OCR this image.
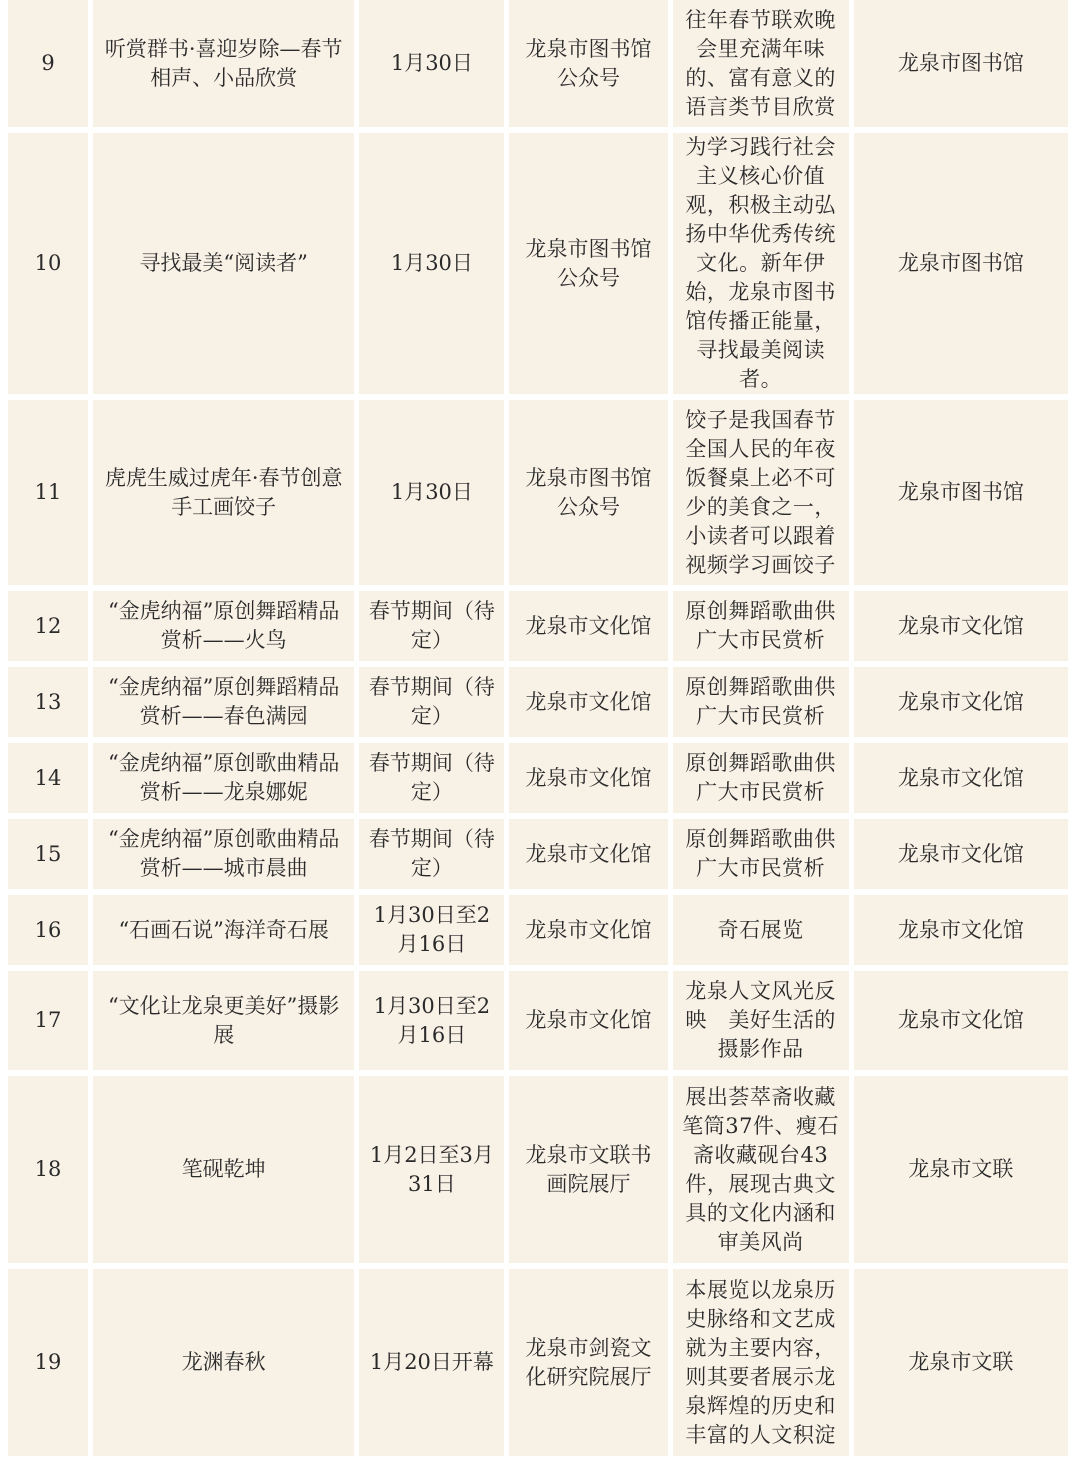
9	听赏群书·喜迎岁除—春节相声、小品欣赏	1月30日	龙泉市图书馆公众号	往年春节联欢晚会里充满年味的、富有意义的语言类节目欣赏	龙泉市图书馆
10	寻找最美“阅读者”	1月30日	龙泉市图书馆公众号	为学习践行社会主义核心价值观，积极主动弘扬中华优秀传统文化。新年伊始，龙泉市图书馆传播正能量，寻找最美阅读者。	龙泉市图书馆
11	虎虎生威过虎年·春节创意手工画饺子	1月30日	龙泉市图书馆公众号	饺子是我国春节全国人民的年夜饭餐桌上必不可少的美食之一，小读者可以跟着视频学习画饺子	龙泉市图书馆
12	“金虎纳福”原创舞蹈精品赏析——火鸟	春节期间（待定）	龙泉市文化馆	原创舞蹈歌曲供广大市民赏析	龙泉市文化馆
13	“金虎纳福”原创舞蹈精品赏析——春色满园	春节期间（待定）	龙泉市文化馆	原创舞蹈歌曲供广大市民赏析	龙泉市文化馆
14	“金虎纳福”原创歌曲精品赏析——龙泉娜妮	春节期间（待定）	龙泉市文化馆	原创舞蹈歌曲供广大市民赏析	龙泉市文化馆
15	“金虎纳福”原创歌曲精品赏析——城市晨曲	春节期间（待定）	龙泉市文化馆	原创舞蹈歌曲供广大市民赏析	龙泉市文化馆
16	“石画石说”海洋奇石展	1月30日至2月16日	龙泉市文化馆	奇石展览	龙泉市文化馆
17	“文化让龙泉更美好”摄影展	1月30日至2月16日	龙泉市文化馆	龙泉人文风光反映　美好生活的摄影作品	龙泉市文化馆
18	笔砚乾坤	1月2日至3月31日	龙泉市文联书画院展厅	展出荟萃斋收藏笔筒37件、瘦石斋收藏砚台43件，展现古典文具的文化内涵和审美风尚	龙泉市文联
19	龙渊春秋	1月20日开幕	龙泉市剑瓷文化研究院展厅	本展览以龙泉历史脉络和文艺成就为主要内容，则其要者展示龙泉辉煌的历史和丰富的人文积淀	龙泉市文联
